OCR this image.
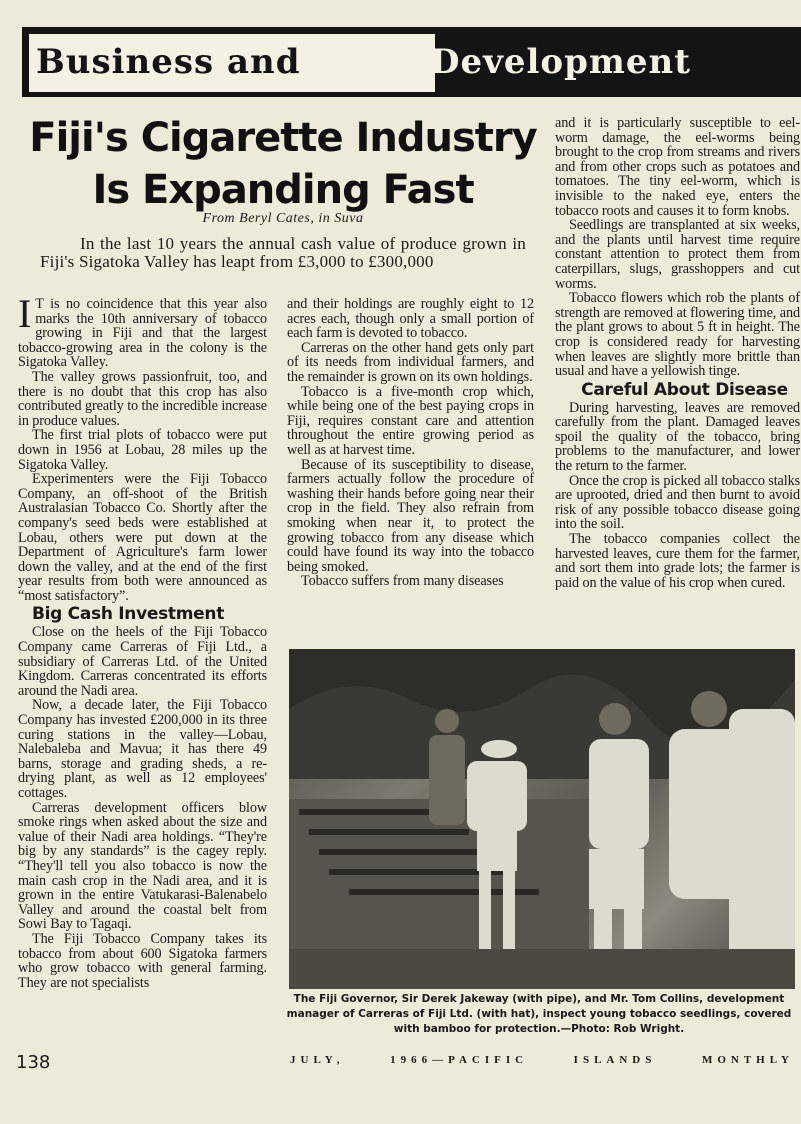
Business and	Development
Fiji's Cigarette Industry
Is Expanding Fast
From Beryl Cates, in Suva
In the last 10 years the annual cash value of produce grown in Fiji's Sigatoka Valley has leapt from £3,000 to £300,000

I T is no coincidence that this year also marks the 10th anniversary of tobacco growing in Fiji and that the largest tobacco-growing area in the colony is the Sigatoka Valley.

The valley grows passionfruit, too, and there is no doubt that this crop has also contributed greatly to the incredible increase in produce values.

The first trial plots of tobacco were put down in 1956 at Lobau, 28 miles up the Sigatoka Valley.

Experimenters were the Fiji Tobacco Company, an off-shoot of the British Australasian Tobacco Co. Shortly after the company's seed beds were established at Lobau, others were put down at the Department of Agriculture's farm lower down the valley, and at the end of the first year results from both were announced as “most satisfactory”.

Big Cash Investment

Close on the heels of the Fiji Tobacco Company came Carreras of Fiji Ltd., a subsidiary of Carreras Ltd. of the United Kingdom. Carreras concentrated its efforts around the Nadi area.

Now, a decade later, the Fiji Tobacco Company has invested £200,000 in its three curing stations in the valley—Lobau, Nalebaleba and Mavua; it has there 49 barns, storage and grading sheds, a re-drying plant, as well as 12 employees' cottages.

Carreras development officers blow smoke rings when asked about the size and value of their Nadi area holdings. “They're big by any standards” is the cagey reply. “They'll tell you also tobacco is now the main cash crop in the Nadi area, and it is grown in the entire Vatukarasi-Balenabelo Valley and around the coastal belt from Sowi Bay to Tagaqi.

The Fiji Tobacco Company takes its tobacco from about 600 Sigatoka farmers who grow tobacco with general farming. They are not specialists

and their holdings are roughly eight to 12 acres each, though only a small portion of each farm is devoted to tobacco.

Carreras on the other hand gets only part of its needs from individual farmers, and the remainder is grown on its own holdings.

Tobacco is a five-month crop which, while being one of the best paying crops in Fiji, requires constant care and attention throughout the entire growing period as well as at harvest time.

Because of its susceptibility to disease, farmers actually follow the procedure of washing their hands before going near their crop in the field. They also refrain from smoking when near it, to protect the growing tobacco from any disease which could have found its way into the tobacco being smoked.

Tobacco suffers from many diseases

and it is particularly susceptible to eel-worm damage, the eel-worms being brought to the crop from streams and rivers and from other crops such as potatoes and tomatoes. The tiny eel-worm, which is invisible to the naked eye, enters the tobacco roots and causes it to form knobs.

Seedlings are transplanted at six weeks, and the plants until harvest time require constant attention to protect them from caterpillars, slugs, grasshoppers and cut worms.

Tobacco flowers which rob the plants of strength are removed at flowering time, and the plant grows to about 5 ft in height. The crop is considered ready for harvesting when leaves are slightly more brittle than usual and have a yellowish tinge.

Careful About Disease

During harvesting, leaves are removed carefully from the plant. Damaged leaves spoil the quality of the tobacco, bring problems to the manufacturer, and lower the return to the farmer.

Once the crop is picked all tobacco stalks are uprooted, dried and then burnt to avoid risk of any possible tobacco disease going into the soil.

The tobacco companies collect the harvested leaves, cure them for the farmer, and sort them into grade lots; the farmer is paid on the value of his crop when cured.

The Fiji Governor, Sir Derek Jakeway (with pipe), and Mr. Tom Collins, development manager of Carreras of Fiji Ltd. (with hat), inspect young tobacco seedlings, covered with bamboo for protection.—Photo: Rob Wright.
138	JULY,	1966—PACIFIC	ISLANDS	MONTHLY
